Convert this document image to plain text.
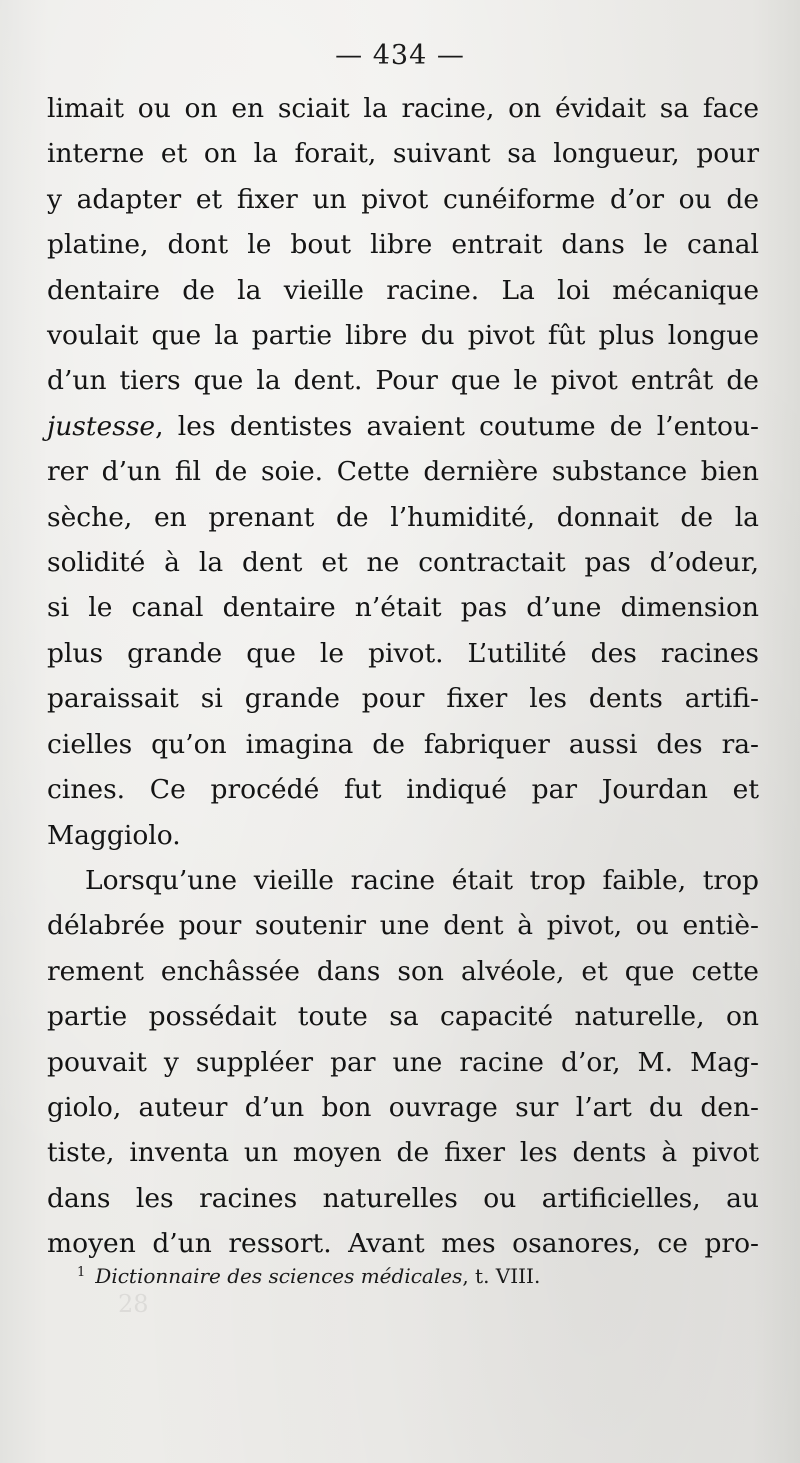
— 434 —
limait ou on en sciait la racine, on évidait sa face
interne et on la forait, suivant sa longueur, pour
y adapter et fixer un pivot cunéiforme d’or ou de
platine, dont le bout libre entrait dans le canal
dentaire de la vieille racine. La loi mécanique
voulait que la partie libre du pivot fût plus longue
d’un tiers que la dent. Pour que le pivot entrât de
justesse, les dentistes avaient coutume de l’entou-
rer d’un fil de soie. Cette dernière substance bien
sèche, en prenant de l’humidité, donnait de la
solidité à la dent et ne contractait pas d’odeur,
si le canal dentaire n’était pas d’une dimension
plus grande que le pivot. L’utilité des racines
paraissait si grande pour fixer les dents artifi-
cielles qu’on imagina de fabriquer aussi des ra-
cines. Ce procédé fut indiqué par Jourdan et
Maggiolo.
Lorsqu’une vieille racine était trop faible, trop
délabrée pour soutenir une dent à pivot, ou entiè-
rement enchâssée dans son alvéole, et que cette
partie possédait toute sa capacité naturelle, on
pouvait y suppléer par une racine d’or, M. Mag-
giolo, auteur d’un bon ouvrage sur l’art du den-
tiste, inventa un moyen de fixer les dents à pivot
dans les racines naturelles ou artificielles, au
moyen d’un ressort. Avant mes osanores, ce pro-
$^1$ Dictionnaire des sciences médicales, t. VIII.
28
